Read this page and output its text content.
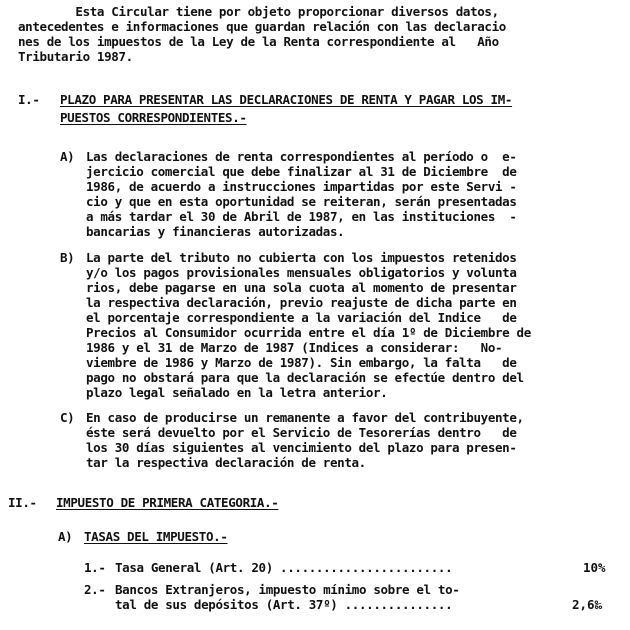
Esta Circular tiene por objeto proporcionar diversos datos,

antecedentes e informaciones que guardan relación con las declaracio

nes de los impuestos de la Ley de la Renta correspondiente al   Año

Tributario 1987.

I.- PLAZO PARA PRESENTAR LAS DECLARACIONES DE RENTA Y PAGAR LOS IM-

PUESTOS CORRESPONDIENTES.-

A) Las declaraciones de renta correspondientes al período o  e-

jercicio comercial que debe finalizar al 31 de Diciembre  de

1986, de acuerdo a instrucciones impartidas por este Servi -

cio y que en esta oportunidad se reiteran, serán presentadas

a más tardar el 30 de Abril de 1987, en las instituciones  -

bancarias y financieras autorizadas.

B) La parte del tributo no cubierta con los impuestos retenidos

y/o los pagos provisionales mensuales obligatorios y volunta

rios, debe pagarse en una sola cuota al momento de presentar

la respectiva declaración, previo reajuste de dicha parte en

el porcentaje correspondiente a la variación del Indice   de

Precios al Consumidor ocurrida entre el día 1º de Diciembre de

1986 y el 31 de Marzo de 1987 (Indices a considerar:   No-

viembre de 1986 y Marzo de 1987). Sin embargo, la falta   de

pago no obstará para que la declaración se efectúe dentro del

plazo legal señalado en la letra anterior.

C) En caso de producirse un remanente a favor del contribuyente,

éste será devuelto por el Servicio de Tesorerías dentro   de

los 30 días siguientes al vencimiento del plazo para presen-

tar la respectiva declaración de renta.

II.- IMPUESTO DE PRIMERA CATEGORIA.-

A) TASAS DEL IMPUESTO.-

1.- Tasa General (Art. 20) ........................	10%

2.- Bancos Extranjeros, impuesto mínimo sobre el to-

tal de sus depósitos (Art. 37º) ...............	2,6‰
